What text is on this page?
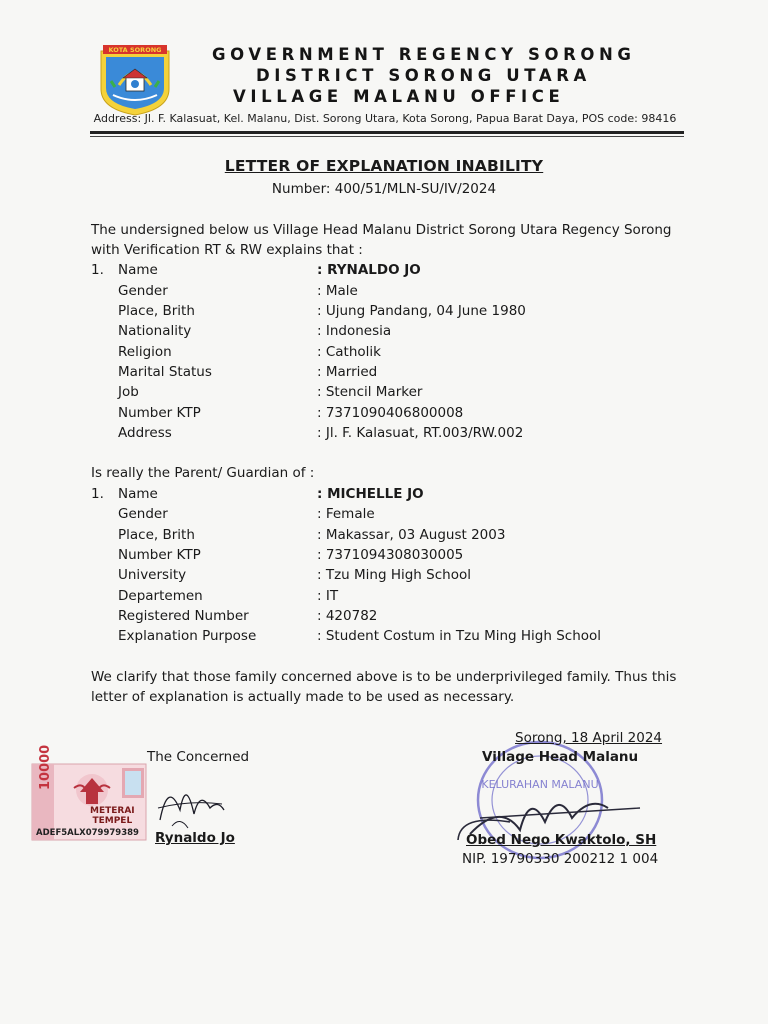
KOTA SORONG	GOVERNMENT REGENCY SORONG
DISTRICT SORONG UTARA
VILLAGE MALANU OFFICE
Address: Jl. F. Kalasuat, Kel. Malanu, Dist. Sorong Utara, Kota Sorong, Papua Barat Daya, POS code: 98416
LETTER OF EXPLANATION INABILITY
Number: 400/51/MLN-SU/IV/2024
The undersigned below us Village Head Malanu District Sorong Utara Regency Sorong
with Verification RT & RW explains that :
1. Name	: RYNALDO JO
Gender	: Male
Place, Brith	: Ujung Pandang, 04 June 1980
Nationality	: Indonesia
Religion	: Catholik
Marital Status	: Married
Job	: Stencil Marker
Number KTP	: 7371090406800008
Address	: Jl. F. Kalasuat, RT.003/RW.002
Is really the Parent/ Guardian of :
1. Name	: MICHELLE JO
Gender	: Female
Place, Brith	: Makassar, 03 August 2003
Number KTP	: 7371094308030005
University	: Tzu Ming High School
Departemen	: IT
Registered Number	: 420782
Explanation Purpose	: Student Costum in Tzu Ming High School
We clarify that those family concerned above is to be underprivileged family. Thus this
letter of explanation is actually made to be used as necessary.
KELURAHAN MALANU
Sorong, 18 April 2024
Village Head Malanu
Obed Nego Kwaktolo, SH
NIP. 19790330 200212 1 004
10000
METERAI
TEMPEL
ADEF5ALX079979389
The Concerned
Rynaldo Jo
